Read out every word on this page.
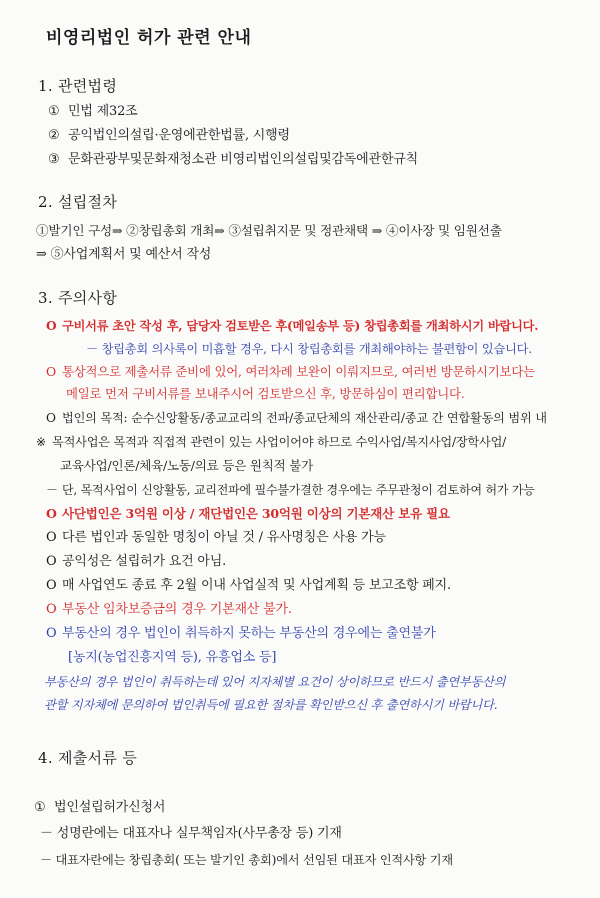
비영리법인 허가 관련 안내
1. 관련법령
① 민법 제32조
② 공익법인의설립·운영에관한법률, 시행령
③ 문화관광부및문화재청소관 비영리법인의설립및감독에관한규칙
2. 설립절차
①발기인 구성⇒ ②창립총회 개최⇒ ③설립취지문 및 정관채택 ⇒ ④이사장 및 임원선출
⇒ ⑤사업계획서 및 예산서 작성
3. 주의사항
O 구비서류 초안 작성 후, 담당자 검토받은 후(메일송부 등) 창립총회를 개최하시기 바랍니다.
－ 창립총회 의사록이 미흡할 경우, 다시 창립총회를 개최해야하는 불편함이 있습니다.
O 통상적으로 제출서류 준비에 있어, 여러차례 보완이 이뤄지므로, 여러번 방문하시기보다는
메일로 먼저 구비서류를 보내주시어 검토받으신 후, 방문하심이 편리합니다.
O 법인의 목적: 순수신앙활동/종교교리의 전파/종교단체의 재산관리/종교 간 연합활동의 범위 내
※ 목적사업은 목적과 직접적 관련이 있는 사업이어야 하므로 수익사업/복지사업/장학사업/
교육사업/인론/체육/노동/의료 등은 원칙적 불가
－ 단, 목적사업이 신앙활동, 교리전파에 필수불가결한 경우에는 주무관청이 검토하여 허가 가능
O 사단법인은 3억원 이상 / 재단법인은 30억원 이상의 기본재산 보유 필요
O 다른 법인과 동일한 명칭이 아닐 것 / 유사명칭은 사용 가능
O 공익성은 설립허가 요건 아님.
O 매 사업연도 종료 후 2월 이내 사업실적 및 사업계획 등 보고조항 폐지.
O 부동산 임차보증금의 경우 기본재산 불가.
O 부동산의 경우 법인이 취득하지 못하는 부동산의 경우에는 출연불가
[농지(농업진흥지역 등), 유흥업소 등]
부동산의 경우 법인이 취득하는데 있어 지자체별 요건이 상이하므로 반드시 출연부동산의
관할 지자체에 문의하여 법인취득에 필요한 절차를 확인받으신 후 출연하시기 바랍니다.
4. 제출서류 등
① 법인설립허가신청서
－ 성명란에는 대표자나 실무책임자(사무총장 등) 기재
－ 대표자란에는 창립총회( 또는 발기인 총회)에서 선임된 대표자 인적사항 기재
